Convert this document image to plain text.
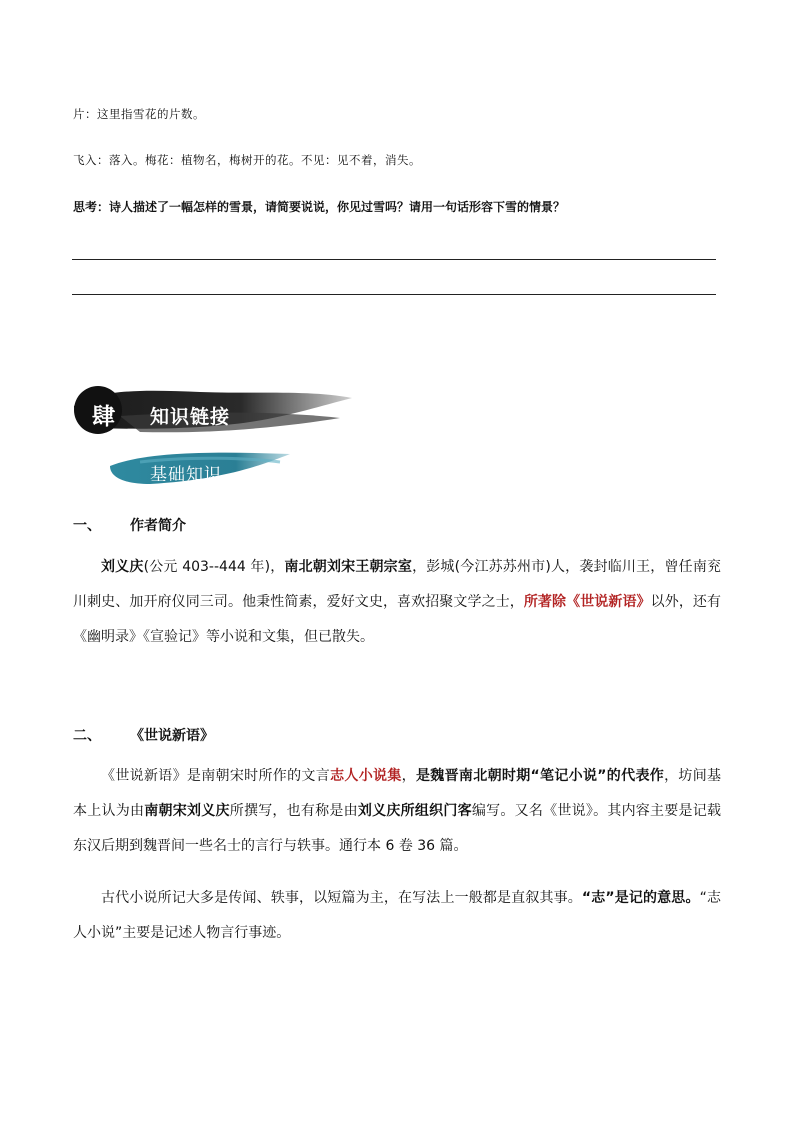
片：这里指雪花的片数。
飞入：落入。梅花：植物名，梅树开的花。不见：见不着，消失。
思考：诗人描述了一幅怎样的雪景，请简要说说，你见过雪吗？请用一句话形容下雪的情景？
肆 知识链接
基础知识
一、 作者简介
刘义庆(公元 403--444 年)，南北朝刘宋王朝宗室，彭城(今江苏苏州市)人，袭封临川王，曾任南兖川刺史、加开府仪同三司。他秉性简素，爱好文史，喜欢招聚文学之士，所著除《世说新语》以外，还有《幽明录》《宣验记》等小说和文集，但已散失。
二、 《世说新语》
《世说新语》是南朝宋时所作的文言志人小说集，是魏晋南北朝时期“笔记小说”的代表作，坊间基本上认为由南朝宋刘义庆所撰写，也有称是由刘义庆所组织门客编写。又名《世说》。其内容主要是记载东汉后期到魏晋间一些名士的言行与轶事。通行本 6 卷 36 篇。
古代小说所记大多是传闻、轶事，以短篇为主，在写法上一般都是直叙其事。“志”是记的意思。“志人小说”主要是记述人物言行事迹。
